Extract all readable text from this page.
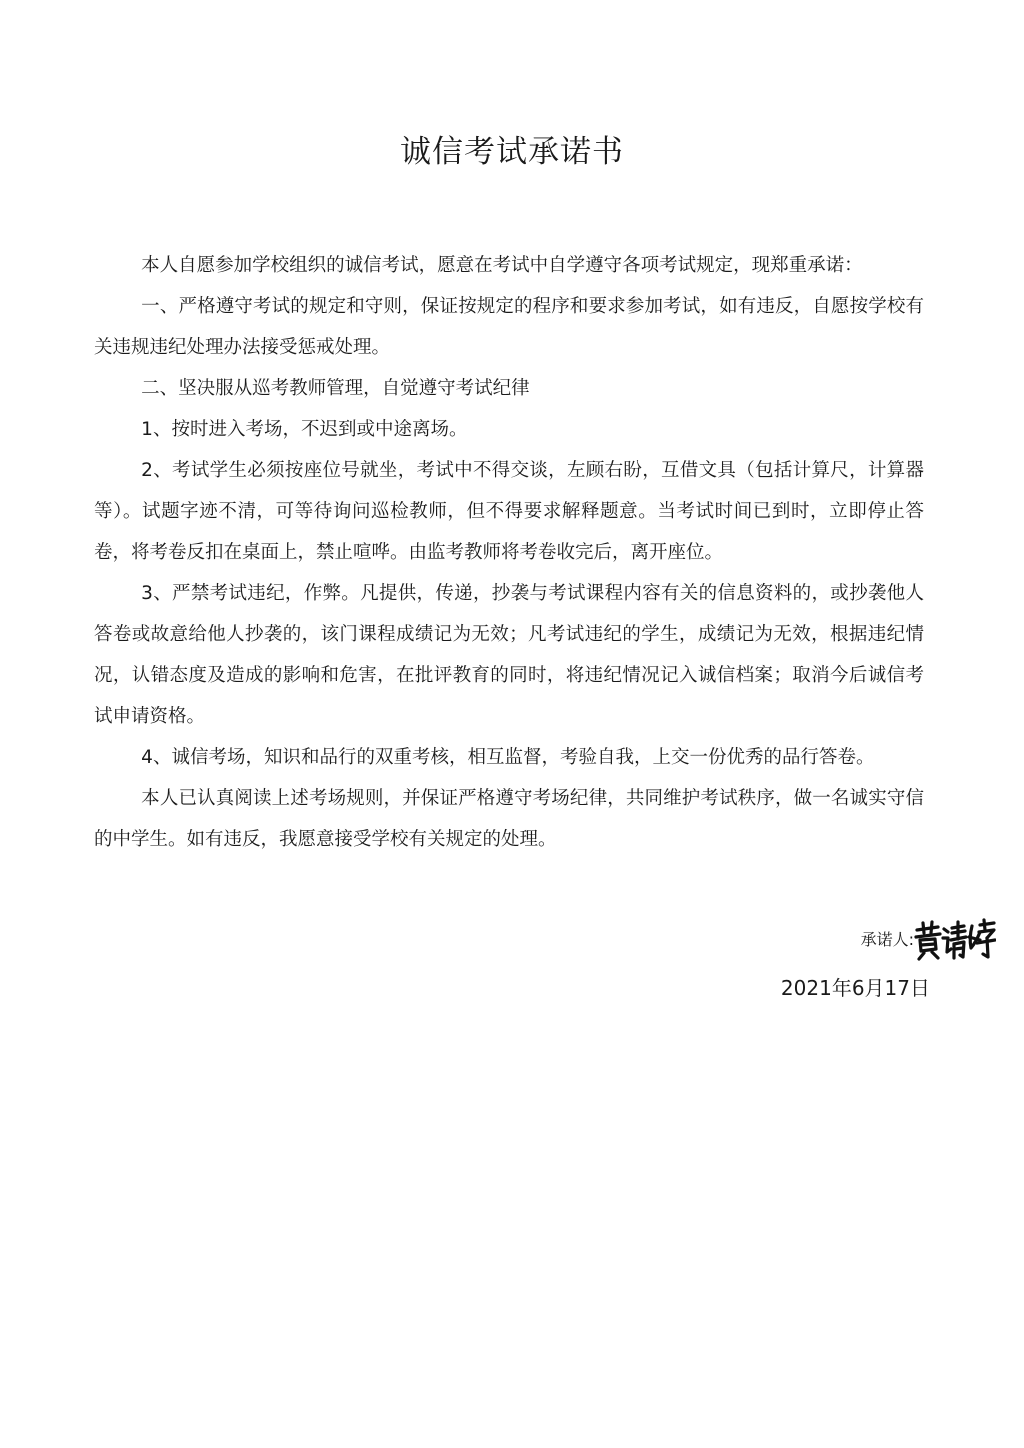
诚信考试承诺书

本人自愿参加学校组织的诚信考试，愿意在考试中自学遵守各项考试规定，现郑重承诺：

一、严格遵守考试的规定和守则，保证按规定的程序和要求参加考试，如有违反，自愿按学校有关违规违纪处理办法接受惩戒处理。

二、坚决服从巡考教师管理，自觉遵守考试纪律

1、按时进入考场，不迟到或中途离场。

2、考试学生必须按座位号就坐，考试中不得交谈，左顾右盼，互借文具（包括计算尺，计算器等）。试题字迹不清，可等待询问巡检教师，但不得要求解释题意。当考试时间已到时，立即停止答卷，将考卷反扣在桌面上，禁止喧哗。由监考教师将考卷收完后，离开座位。

3、严禁考试违纪，作弊。凡提供，传递，抄袭与考试课程内容有关的信息资料的，或抄袭他人答卷或故意给他人抄袭的，该门课程成绩记为无效；凡考试违纪的学生，成绩记为无效，根据违纪情况，认错态度及造成的影响和危害，在批评教育的同时，将违纪情况记入诚信档案；取消今后诚信考试申请资格。

4、诚信考场，知识和品行的双重考核，相互监督，考验自我，上交一份优秀的品行答卷。

本人已认真阅读上述考场规则，并保证严格遵守考场纪律，共同维护考试秩序，做一名诚实守信的中学生。如有违反，我愿意接受学校有关规定的处理。

承诺人:
2021年6月17日
